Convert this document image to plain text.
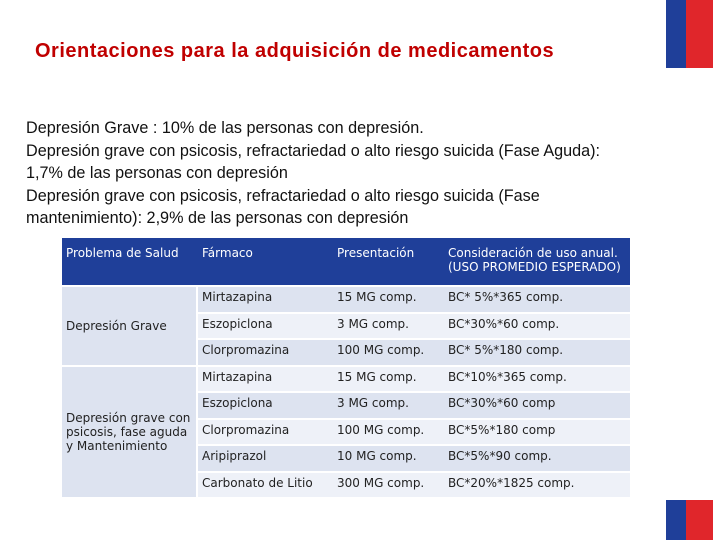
Orientaciones para la adquisición de medicamentos
Depresión Grave : 10% de las personas con depresión.
Depresión grave con psicosis, refractariedad o alto riesgo suicida (Fase Aguda):
1,7% de las personas con depresión
Depresión grave con psicosis, refractariedad o alto riesgo suicida (Fase
mantenimiento): 2,9% de las personas con depresión
Problema de Salud	Fármaco	Presentación	Consideración de uso anual.
(USO PROMEDIO ESPERADO)

Depresión Grave	Mirtazapina	15 MG comp.	BC* 5%*365 comp.
	Eszopiclona	3 MG comp.	BC*30%*60 comp.
	Clorpromazina	100 MG comp.	BC* 5%*180 comp.
Depresión grave con psicosis, fase aguda y Mantenimiento	Mirtazapina	15 MG comp.	BC*10%*365 comp.
	Eszopiclona	3 MG comp.	BC*30%*60 comp
	Clorpromazina	100 MG comp.	BC*5%*180 comp
	Aripiprazol	10 MG comp.	BC*5%*90 comp.
	Carbonato de Litio	300 MG comp.	BC*20%*1825 comp.
